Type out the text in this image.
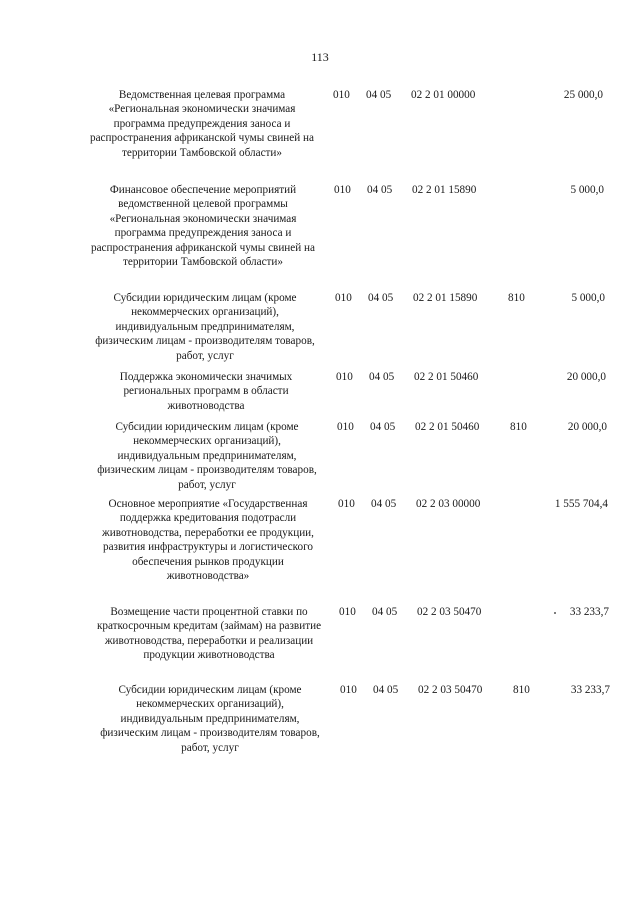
113
Ведомственная целевая программа «Региональная экономически значимая программа предупреждения заноса и распространения африканской чумы свиней на территории Тамбовской области»
010 04 05 02 2 01 00000	25 000,0
Финансовое обеспечение мероприятий ведомственной целевой программы «Региональная экономически значимая программа предупреждения заноса и распространения африканской чумы свиней на территории Тамбовской области»
010 04 05 02 2 01 15890	5 000,0
Субсидии юридическим лицам (кроме некоммерческих организаций), индивидуальным предпринимателям, физическим лицам - производителям товаров, работ, услуг
010 04 05 02 2 01 15890	810	5 000,0
Поддержка экономически значимых региональных программ в области животноводства
010 04 05 02 2 01 50460	20 000,0
Субсидии юридическим лицам (кроме некоммерческих организаций), индивидуальным предпринимателям, физическим лицам - производителям товаров, работ, услуг
010 04 05 02 2 01 50460	810	20 000,0
Основное мероприятие «Государственная поддержка кредитования подотрасли животноводства, переработки ее продукции, развития инфраструктуры и логистического обеспечения рынков продукции животноводства»
010 04 05 02 2 03 00000	1 555 704,4
Возмещение части процентной ставки по краткосрочным кредитам (займам) на развитие животноводства, переработки и реализации продукции животноводства
010 04 05 02 2 03 50470	33 233,7
Субсидии юридическим лицам (кроме некоммерческих организаций), индивидуальным предпринимателям, физическим лицам - производителям товаров, работ, услуг
010 04 05 02 2 03 50470	810	33 233,7
